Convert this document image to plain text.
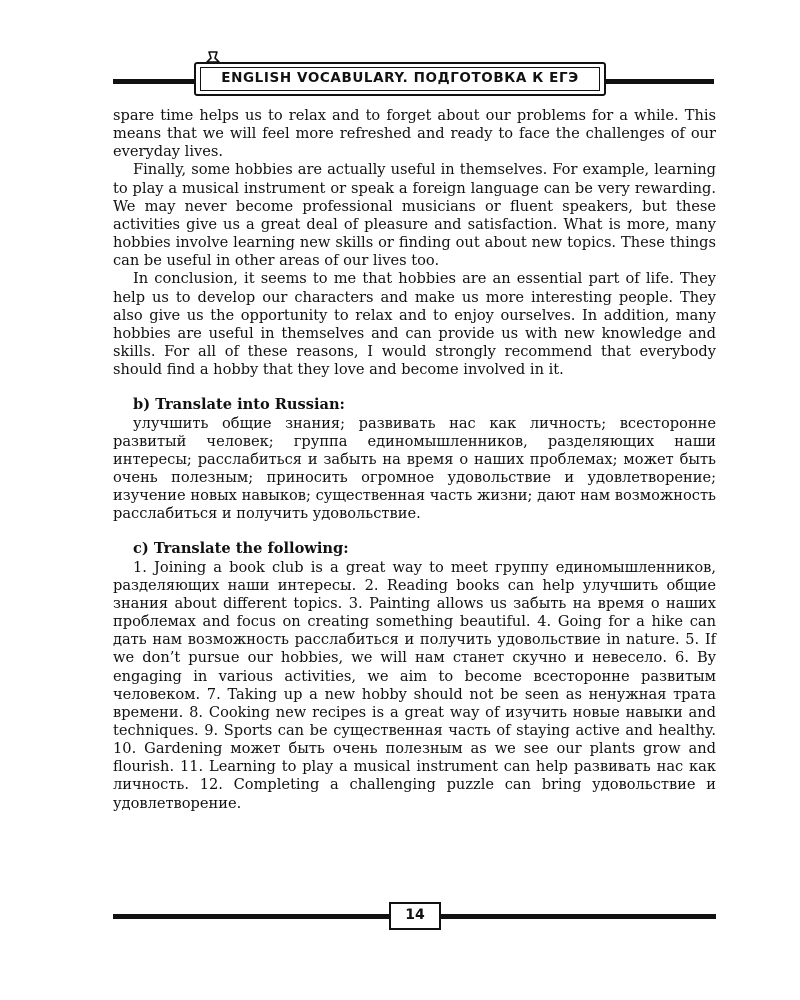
ENGLISH VOCABULARY. ПОДГОТОВКА К ЕГЭ

spare time helps us to relax and to forget about our problems for a while. This means that we will feel more refreshed and ready to face the challenges of our everyday lives.

Finally, some hobbies are actually useful in themselves. For example, learning to play a musical instrument or speak a foreign language can be very rewarding. We may never become professional musicians or fluent speakers, but these activities give us a great deal of pleasure and satisfaction. What is more, many hobbies involve learning new skills or finding out about new topics. These things can be useful in other areas of our lives too.

In conclusion, it seems to me that hobbies are an essential part of life. They help us to develop our characters and make us more interesting people. They also give us the opportunity to relax and to enjoy ourselves. In addition, many hobbies are useful in themselves and can provide us with new knowledge and skills. For all of these reasons, I would strongly recommend that everybody should find a hobby that they love and become involved in it.

b) Translate into Russian:

улучшить общие знания; развивать нас как личность; всесторонне развитый человек; группа единомышленников, разделяющих наши интересы; расслабиться и забыть на время о наших проблемах; может быть очень полезным; приносить огромное удовольствие и удовлетворение; изучение новых навыков; существенная часть жизни; дают нам возможность расслабиться и получить удовольствие.

c) Translate the following:

1. Joining a book club is a great way to meet группу единомышленников, разделяющих наши интересы. 2. Reading books can help улучшить общие знания about different topics. 3. Painting allows us забыть на время о наших проблемах and focus on creating something beautiful. 4. Going for a hike can дать нам возможность расслабиться и получить удовольствие in nature. 5. If we don’t pursue our hobbies, we will нам станет скучно и невесело. 6. By engaging in various activities, we aim to become всесторонне развитым человеком. 7. Taking up a new hobby should not be seen as ненужная трата времени. 8. Cooking new recipes is a great way of изучить новые навыки and techniques. 9. Sports can be существенная часть of staying active and healthy. 10. Gardening может быть очень полезным as we see our plants grow and flourish. 11. Learning to play a musical instrument can help развивать нас как личность. 12. Completing a challenging puzzle can bring удовольствие и удовлетворение.

14
